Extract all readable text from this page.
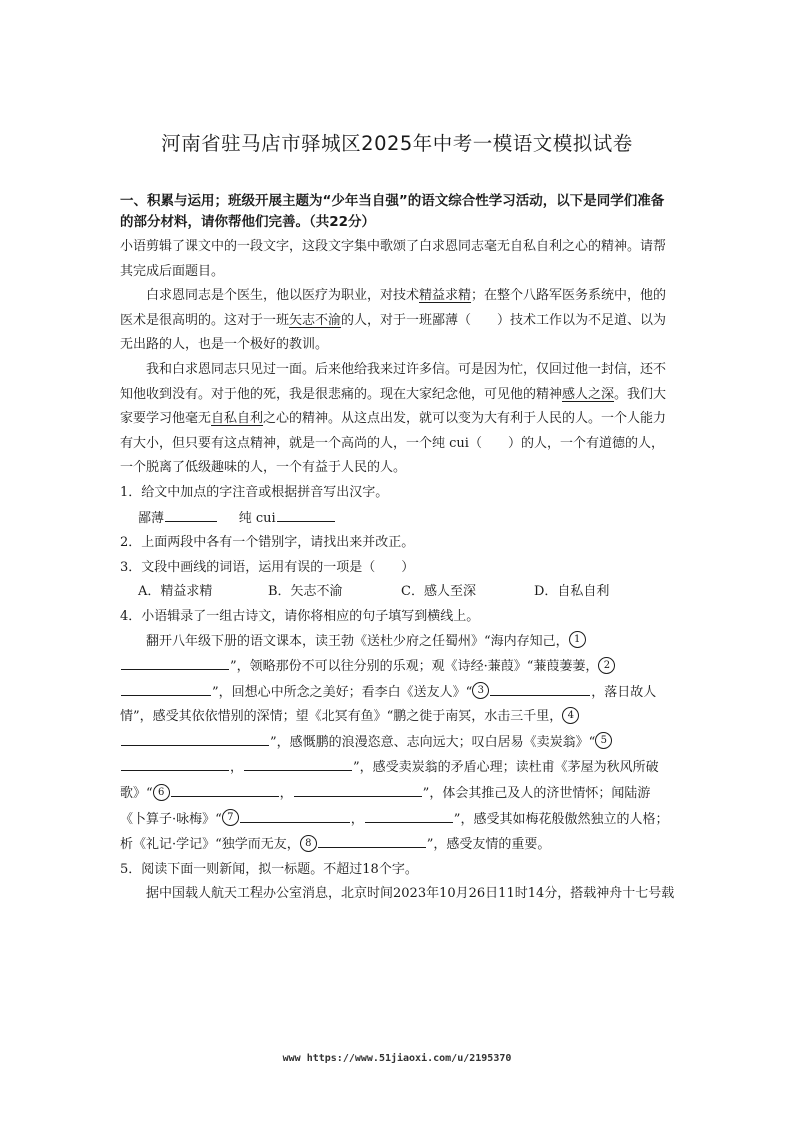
河南省驻马店市驿城区2025年中考一模语文模拟试卷

一、积累与运用；班级开展主题为“少年当自强”的语文综合性学习活动，以下是同学们准备的部分材料，请你帮他们完善。（共22分）

小语剪辑了课文中的一段文字，这段文字集中歌颂了白求恩同志毫无自私自利之心的精神。请帮其完成后面题目。

白求恩同志是个医生，他以医疗为职业，对技术精益求精；在整个八路军医务系统中，他的医术是很高明的。这对于一班矢志不渝的人，对于一班鄙薄（ ）技术工作以为不足道、以为无出路的人，也是一个极好的教训。

我和白求恩同志只见过一面。后来他给我来过许多信。可是因为忙，仅回过他一封信，还不知他收到没有。对于他的死，我是很悲痛的。现在大家纪念他，可见他的精神感人之深。我们大家要学习他毫无自私自利之心的精神。从这点出发，就可以变为大有利于人民的人。一个人能力有大小，但只要有这点精神，就是一个高尚的人，一个纯 cui（ ）的人，一个有道德的人，一个脱离了低级趣味的人，一个有益于人民的人。

1．给文中加点的字注音或根据拼音写出汉字。

鄙薄	纯 cui

2．上面两段中各有一个错别字，请找出来并改正。

3．文段中画线的词语，运用有误的一项是（ ）

A．精益求精	B．矢志不渝	C．感人至深	D．自私自利

4．小语辑录了一组古诗文，请你将相应的句子填写到横线上。

翻开八年级下册的语文课本，读王勃《送杜少府之任蜀州》“海内存知己， 1”，领略那份不可以往分别的乐观；观《诗经·蒹葭》“蒹葭萋萋， 2”，回想心中所念之美好；看李白《送友人》“ 3	，落日故人情”，感受其依依惜别的深情；望《北冥有鱼》“鹏之徙于南冥，水击三千里， 4”，感慨鹏的浪漫恣意、志向远大；叹白居易《卖炭翁》“ 5，	”，感受卖炭翁的矛盾心理；读杜甫《茅屋为秋风所破歌》“ 6	，	”，体会其推己及人的济世情怀；闻陆游《卜算子·咏梅》“ 7	，	”，感受其如梅花般傲然独立的人格；析《礼记·学记》“独学而无友， 8	”，感受友情的重要。

5．阅读下面一则新闻，拟一标题。不超过18个字。

据中国载人航天工程办公室消息，北京时间2023年10月26日11时14分，搭载神舟十七号载

www https://www.51jiaoxi.com/u/2195370
